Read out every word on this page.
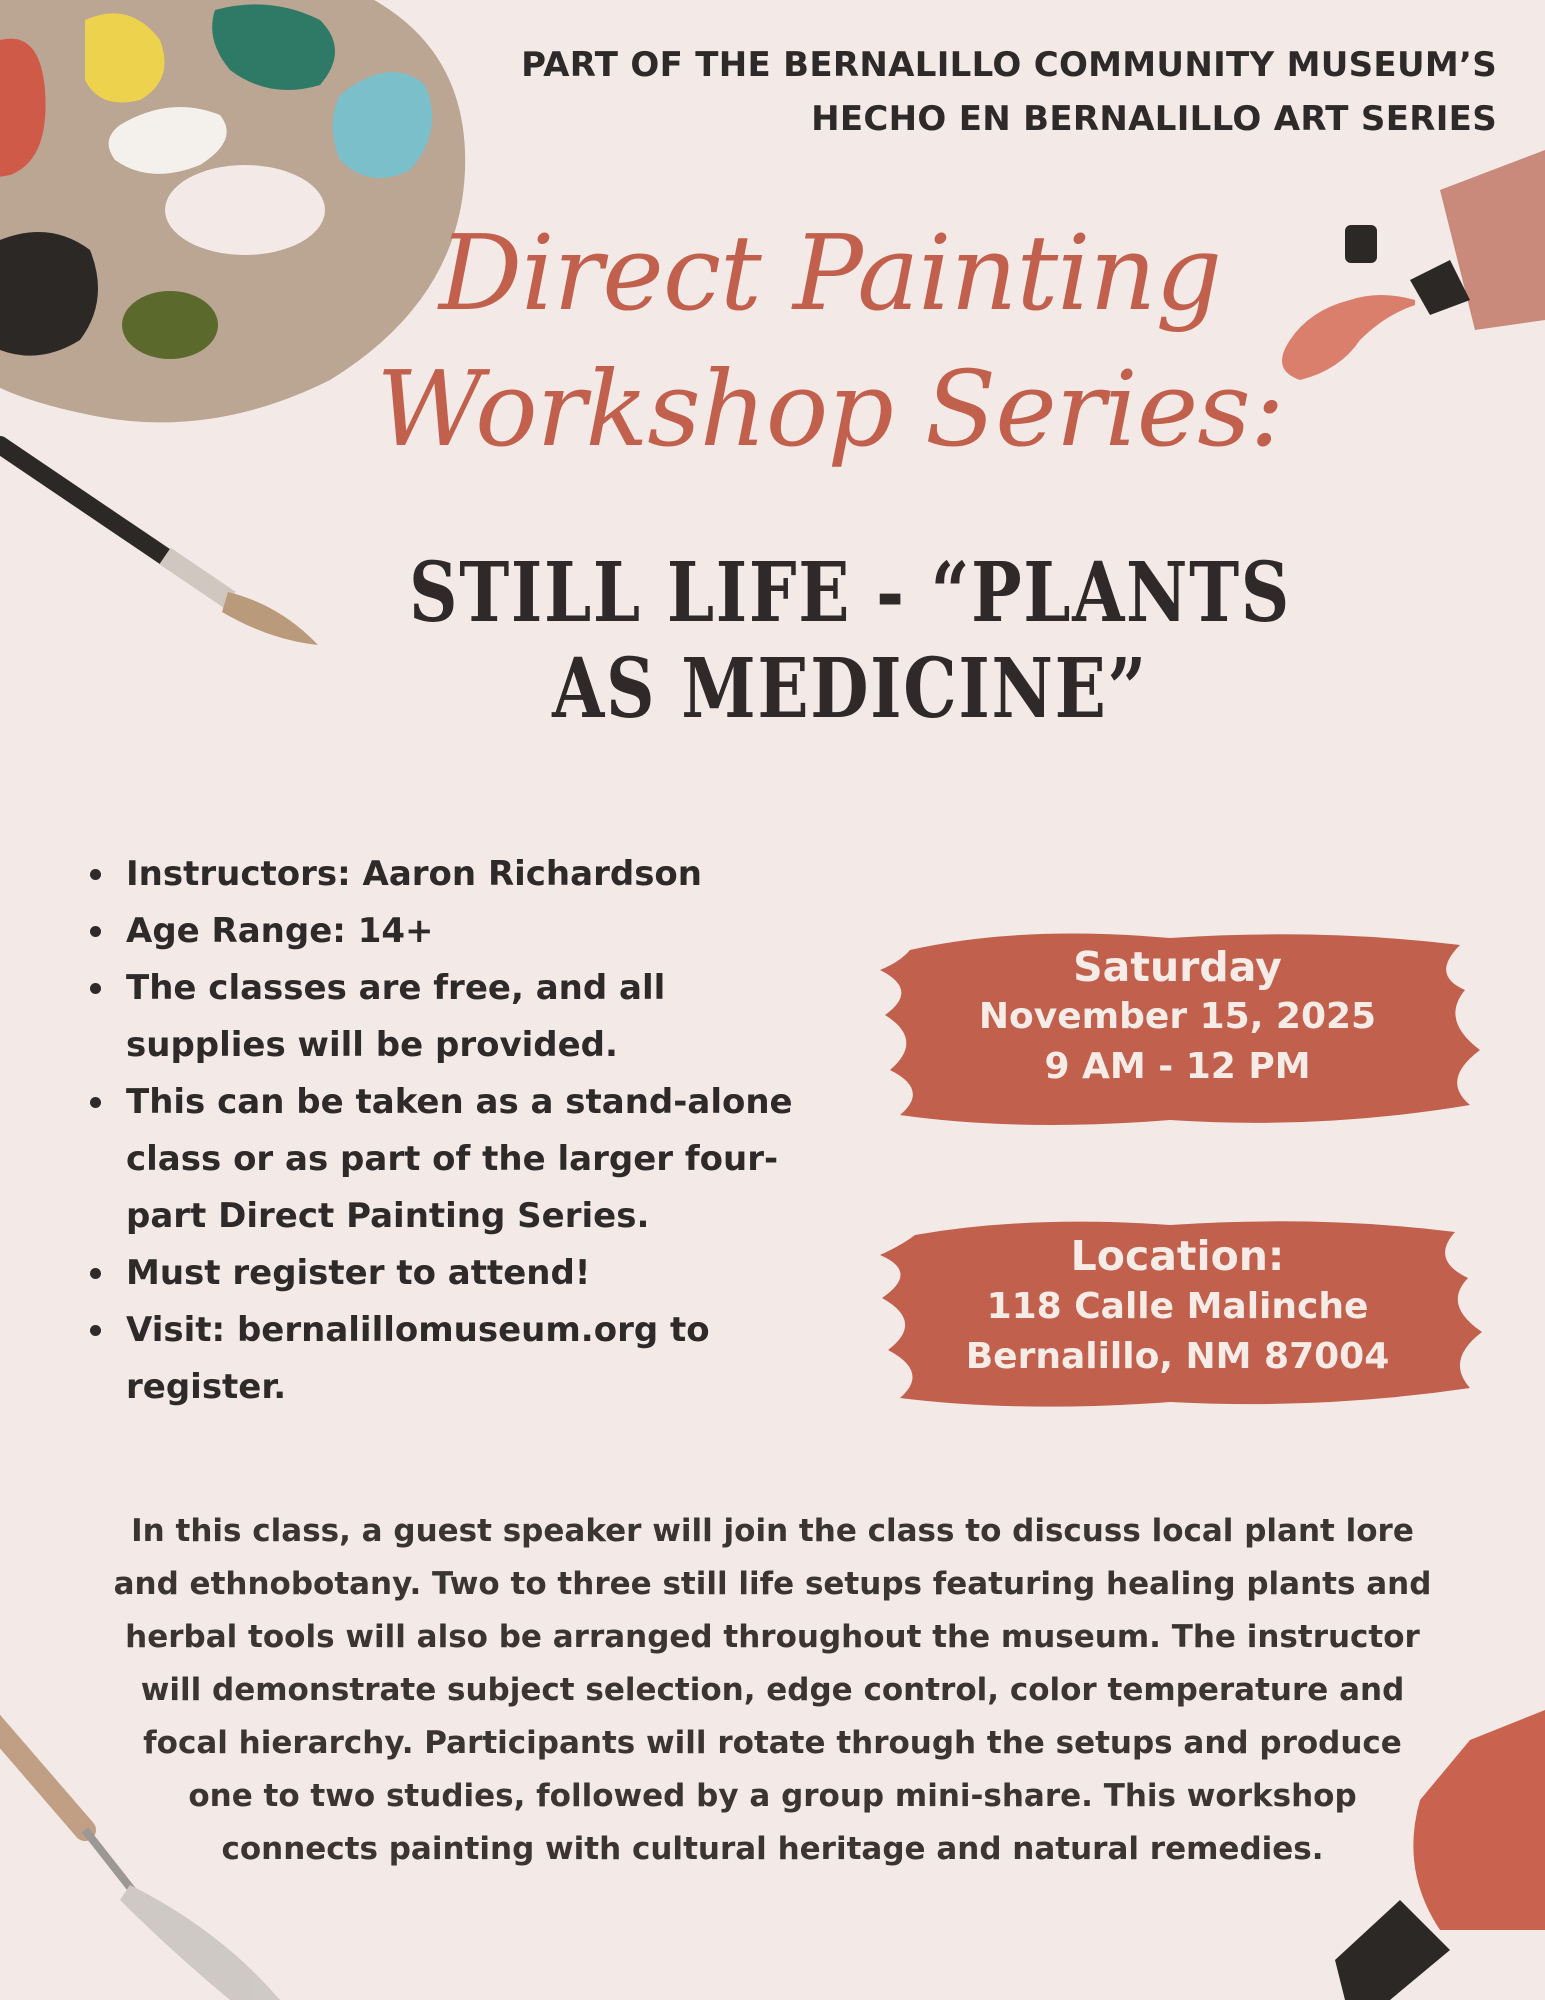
PART OF THE BERNALILLO COMMUNITY MUSEUM’S
HECHO EN BERNALILLO ART SERIES
Direct Painting
Workshop Series:
STILL LIFE - “PLANTS
AS MEDICINE”
Instructors: Aaron Richardson
Age Range: 14+
The classes are free, and all supplies will be provided.
This can be taken as a stand-alone class or as part of the larger four-part Direct Painting Series.
Must register to attend!
Visit: bernalillomuseum.org to register.
Saturday
November 15, 2025
9 AM - 12 PM
Location:
118 Calle Malinche
Bernalillo, NM 87004
In this class, a guest speaker will join the class to discuss local plant lore and ethnobotany. Two to three still life setups featuring healing plants and herbal tools will also be arranged throughout the museum. The instructor will demonstrate subject selection, edge control, color temperature and focal hierarchy. Participants will rotate through the setups and produce one to two studies, followed by a group mini-share. This workshop connects painting with cultural heritage and natural remedies.
